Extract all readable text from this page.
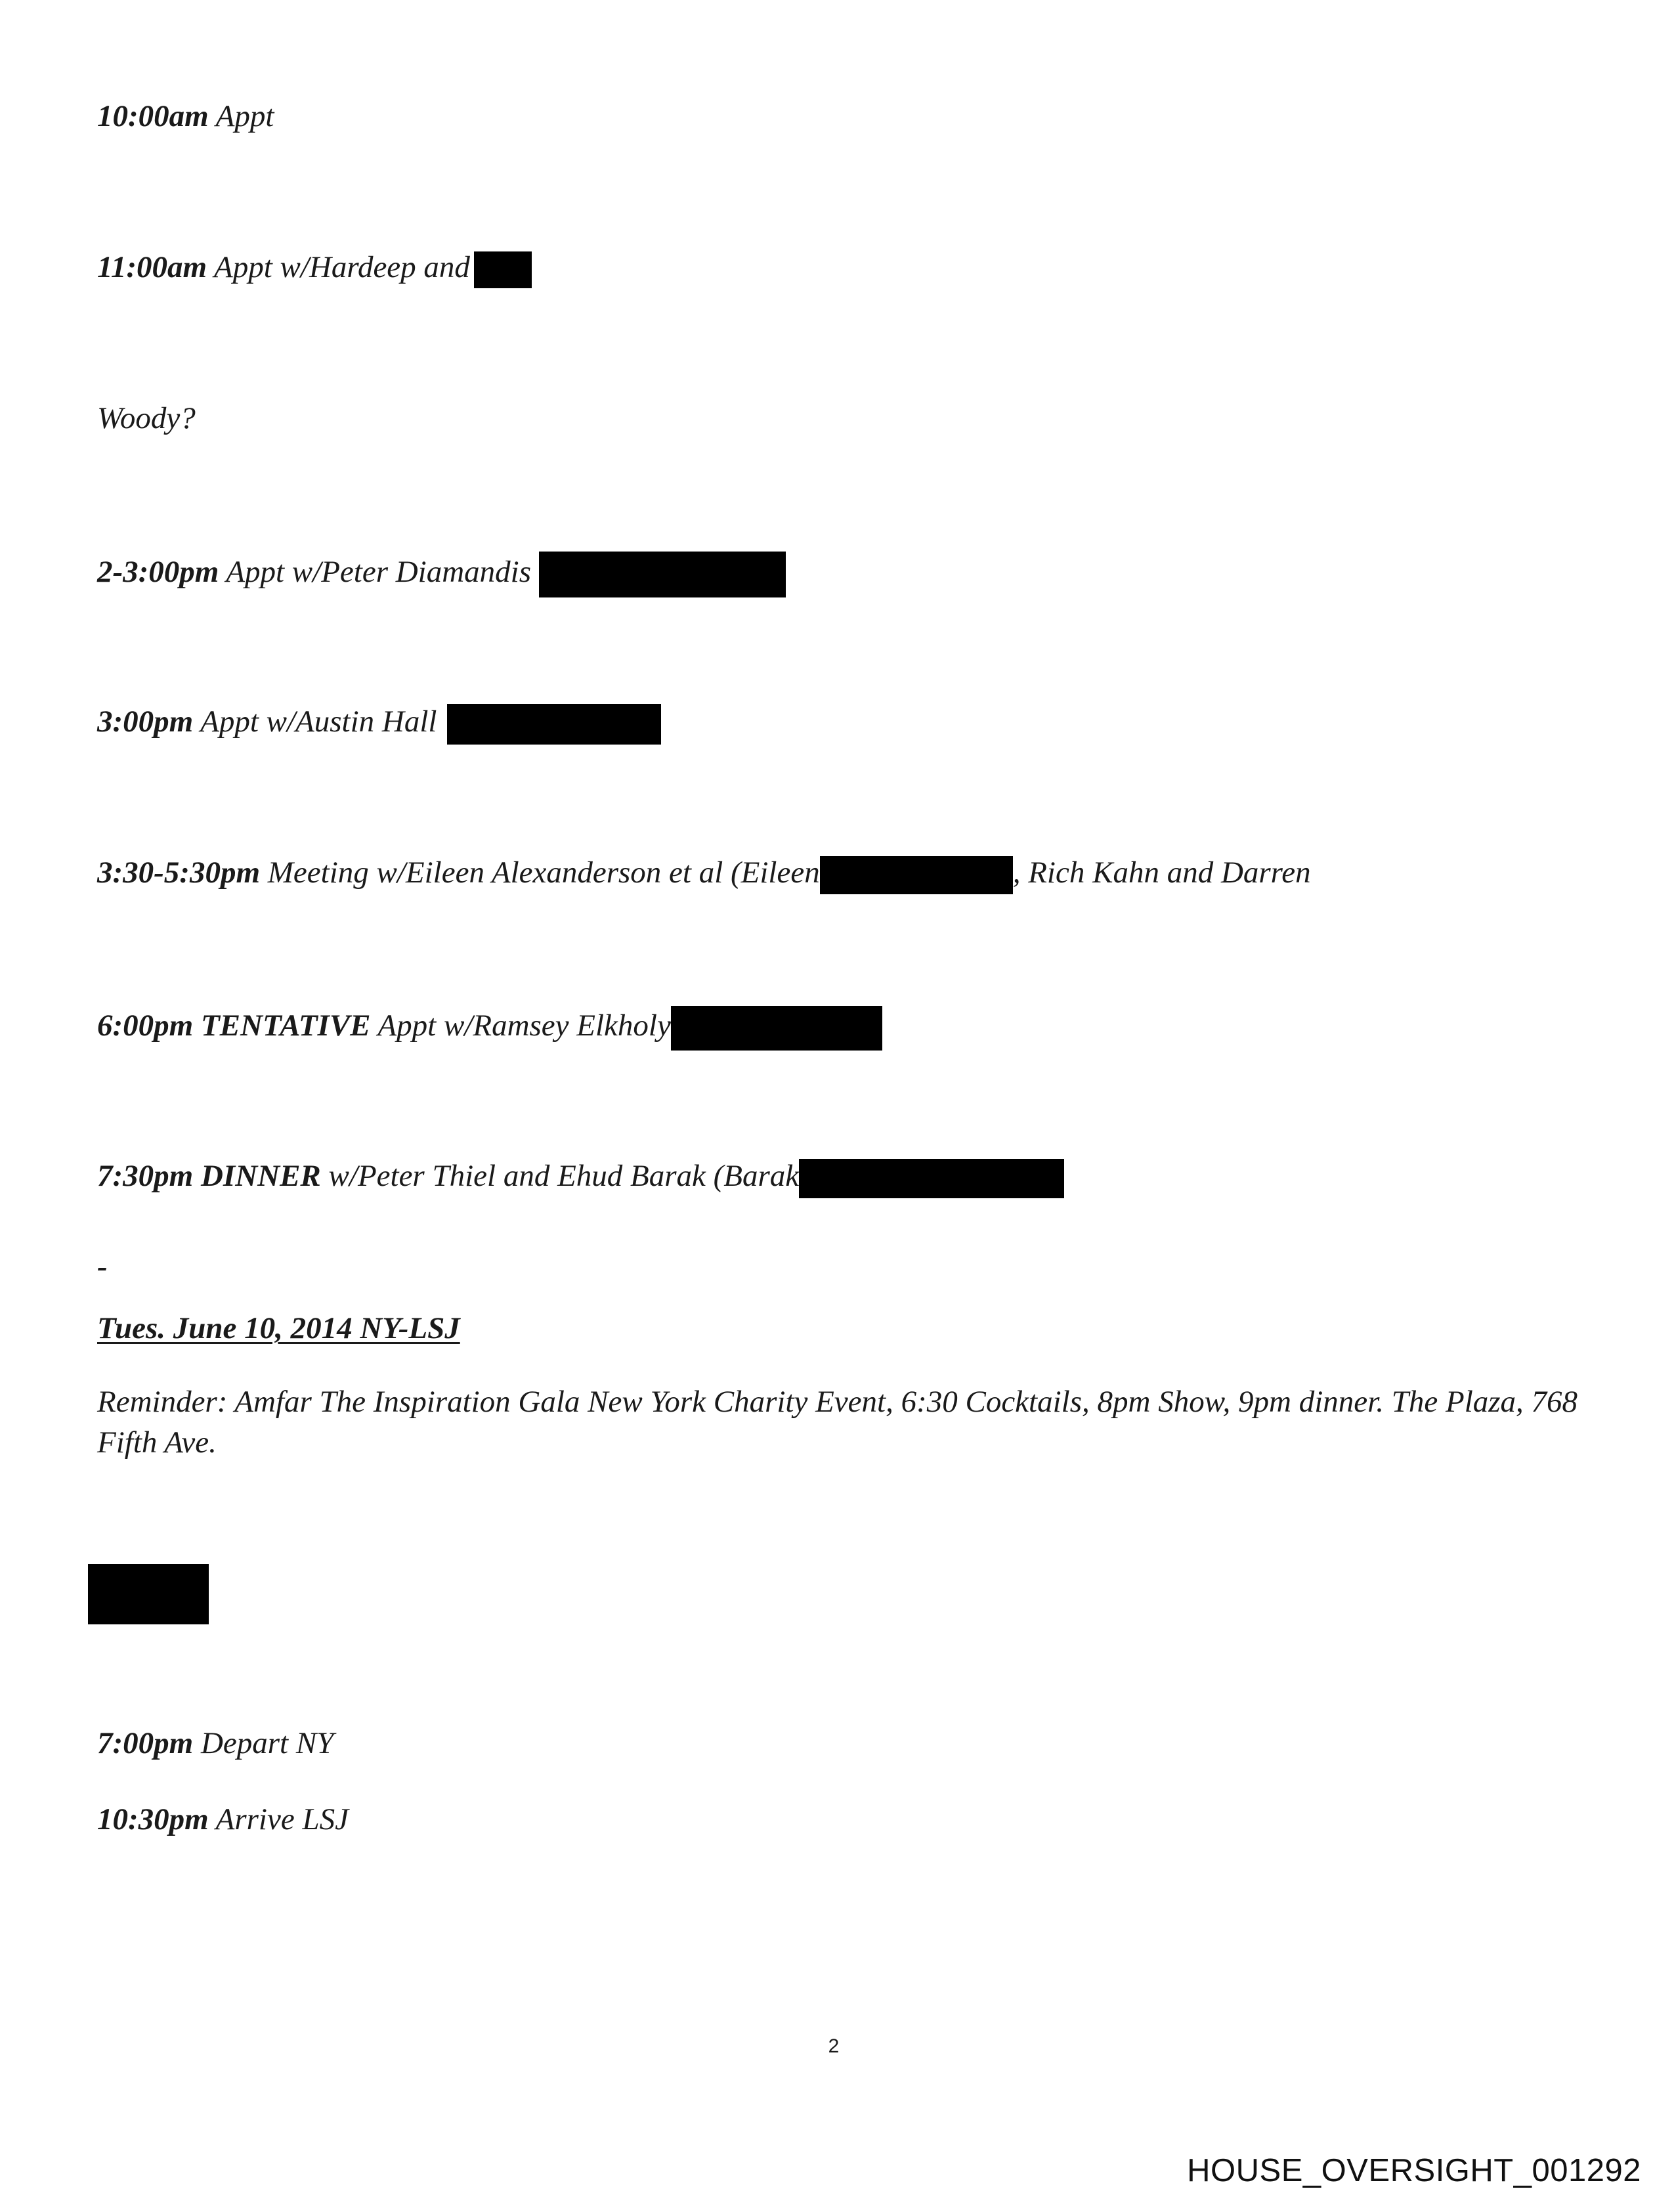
10:00am Appt
11:00am Appt w/Hardeep and
Woody?
2-3:00pm Appt w/Peter Diamandis
3:00pm Appt w/Austin Hall
3:30-5:30pm Meeting w/Eileen Alexanderson et al (Eileen	, Rich Kahn and Darren
6:00pm TENTATIVE Appt w/Ramsey Elkholy
7:30pm DINNER w/Peter Thiel and Ehud Barak (Barak
-
Tues. June 10, 2014 NY-LSJ
Reminder: Amfar The Inspiration Gala New York Charity Event, 6:30 Cocktails, 8pm Show, 9pm dinner. The Plaza, 768 Fifth Ave.
7:00pm Depart NY
10:30pm Arrive LSJ
2
HOUSE_OVERSIGHT_001292
